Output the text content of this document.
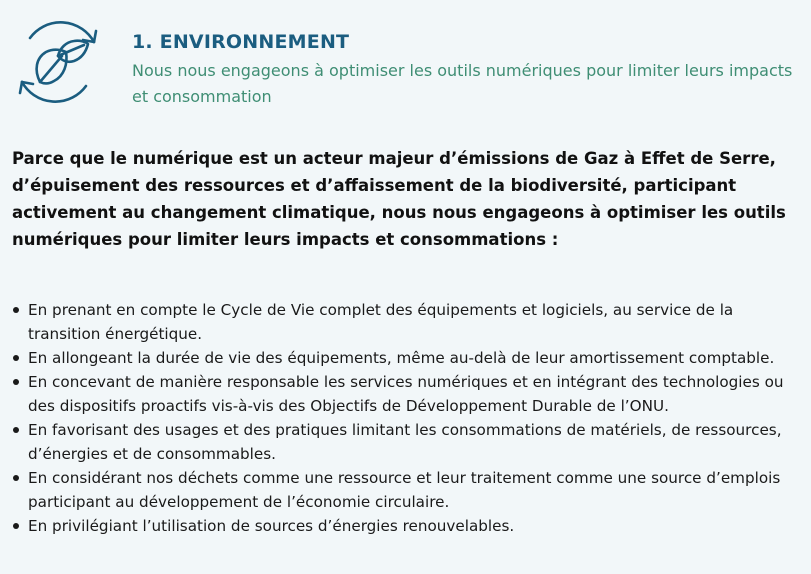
1. ENVIRONNEMENT

Nous nous engageons à optimiser les outils numériques pour limiter leurs impacts et consommation

Parce que le numérique est un acteur majeur d’émissions de Gaz à Effet de Serre, d’épuisement des ressources et d’affaissement de la biodiversité, participant activement au changement climatique, nous nous engageons à optimiser les outils numériques pour limiter leurs impacts et consommations :

En prenant en compte le Cycle de Vie complet des équipements et logiciels, au service de la transition énergétique.
En allongeant la durée de vie des équipements, même au-delà de leur amortissement comptable.
En concevant de manière responsable les services numériques et en intégrant des technologies ou des dispositifs proactifs vis-à-vis des Objectifs de Développement Durable de l’ONU.
En favorisant des usages et des pratiques limitant les consommations de matériels, de ressources, d’énergies et de consommables.
En considérant nos déchets comme une ressource et leur traitement comme une source d’emplois participant au développement de l’économie circulaire.
En privilégiant l’utilisation de sources d’énergies renouvelables.
